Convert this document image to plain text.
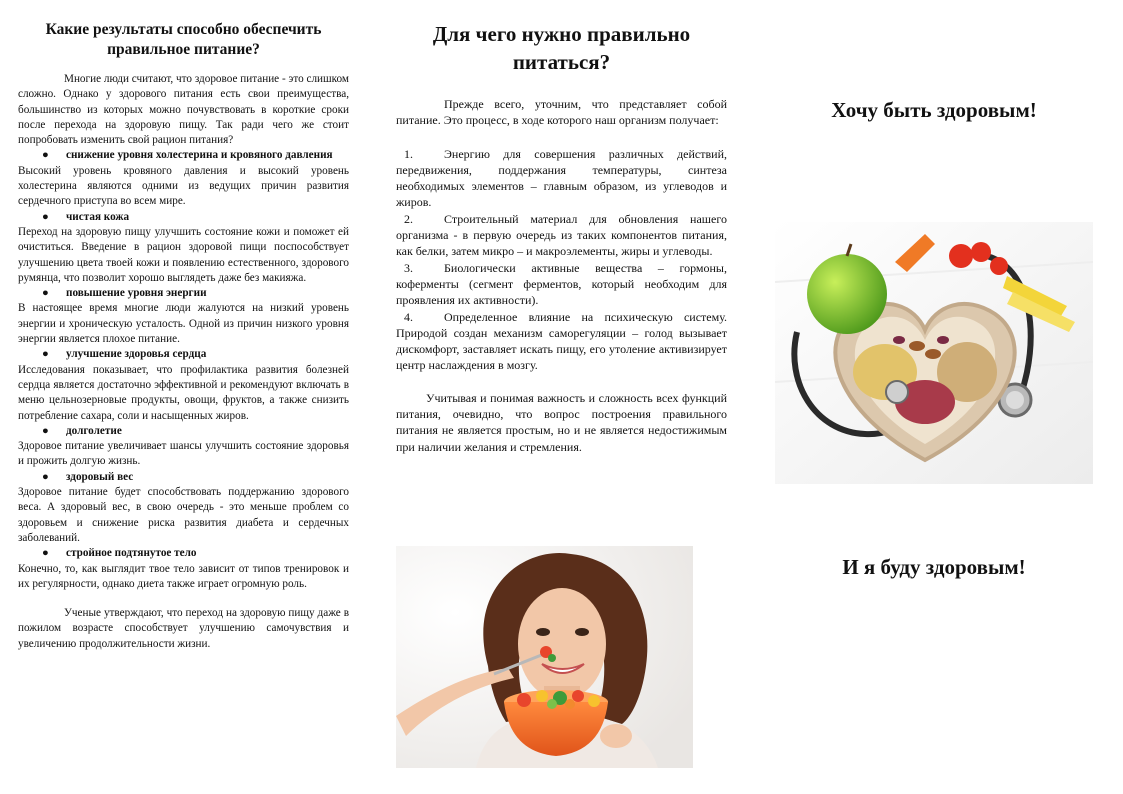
Какие результаты способно обеспечить правильное питание?

Многие люди считают, что здоровое питание - это слишком сложно. Однако у здорового питания есть свои преимущества, большинство из которых можно почувствовать в короткие сроки после перехода на здоровую пищу. Так ради чего же стоит попробовать изменить свой рацион питания?

● снижение уровня холестерина и кровяного давления

Высокий уровень кровяного давления и высокий уровень холестерина являются одними из ведущих причин развития сердечного приступа во всем мире.

● чистая кожа

Переход на здоровую пищу улучшить состояние кожи и поможет ей очиститься. Введение в рацион здоровой пищи поспособствует улучшению цвета твоей кожи и появлению естественного, здорового румянца, что позволит хорошо выглядеть даже без макияжа.

● повышение уровня энергии

В настоящее время многие люди жалуются на низкий уровень энергии и хроническую усталость. Одной из причин низкого уровня энергии является плохое питание.

● улучшение здоровья сердца

Исследования показывает, что профилактика развития болезней сердца является достаточно эффективной и рекомендуют включать в меню цельнозерновые продукты, овощи, фруктов, а также снизить потребление сахара, соли и насыщенных жиров.

● долголетие

Здоровое питание увеличивает шансы улучшить состояние здоровья и прожить долгую жизнь.

● здоровый вес

Здоровое питание будет способствовать поддержанию здорового веса. А здоровый вес, в свою очередь - это меньше проблем со здоровьем и снижение риска развития диабета и сердечных заболеваний.

● стройное подтянутое тело

Конечно, то, как выглядит твое тело зависит от типов тренировок и их регулярности, однако диета также играет огромную роль.

Ученые утверждают, что переход на здоровую пищу даже в пожилом возрасте способствует улучшению самочувствия и увеличению продолжительности жизни.

Для чего нужно правильно питаться?

Прежде всего, уточним, что представляет собой питание. Это процесс, в ходе которого наш организм получает:

1.	Энергию для совершения различных действий, передвижения, поддержания температуры, синтеза необходимых элементов – главным образом, из углеводов и жиров.

2.	Строительный материал для обновления нашего организма - в первую очередь из таких компонентов питания, как белки, затем микро – и макроэлементы, жиры и углеводы.

3.	Биологически активные вещества – гормоны, коферменты (сегмент ферментов, который необходим для проявления их активности).

4.	Определенное влияние на психическую систему. Природой создан механизм саморегуляции – голод вызывает дискомфорт, заставляет искать пищу, его утоление активизирует центр наслаждения в мозгу.

Учитывая и понимая важность и сложность всех функций питания, очевидно, что вопрос построения правильного питания не является простым, но и не является недостижимым при наличии желания и стремления.

Хочу быть здоровым!
И я буду здоровым!
